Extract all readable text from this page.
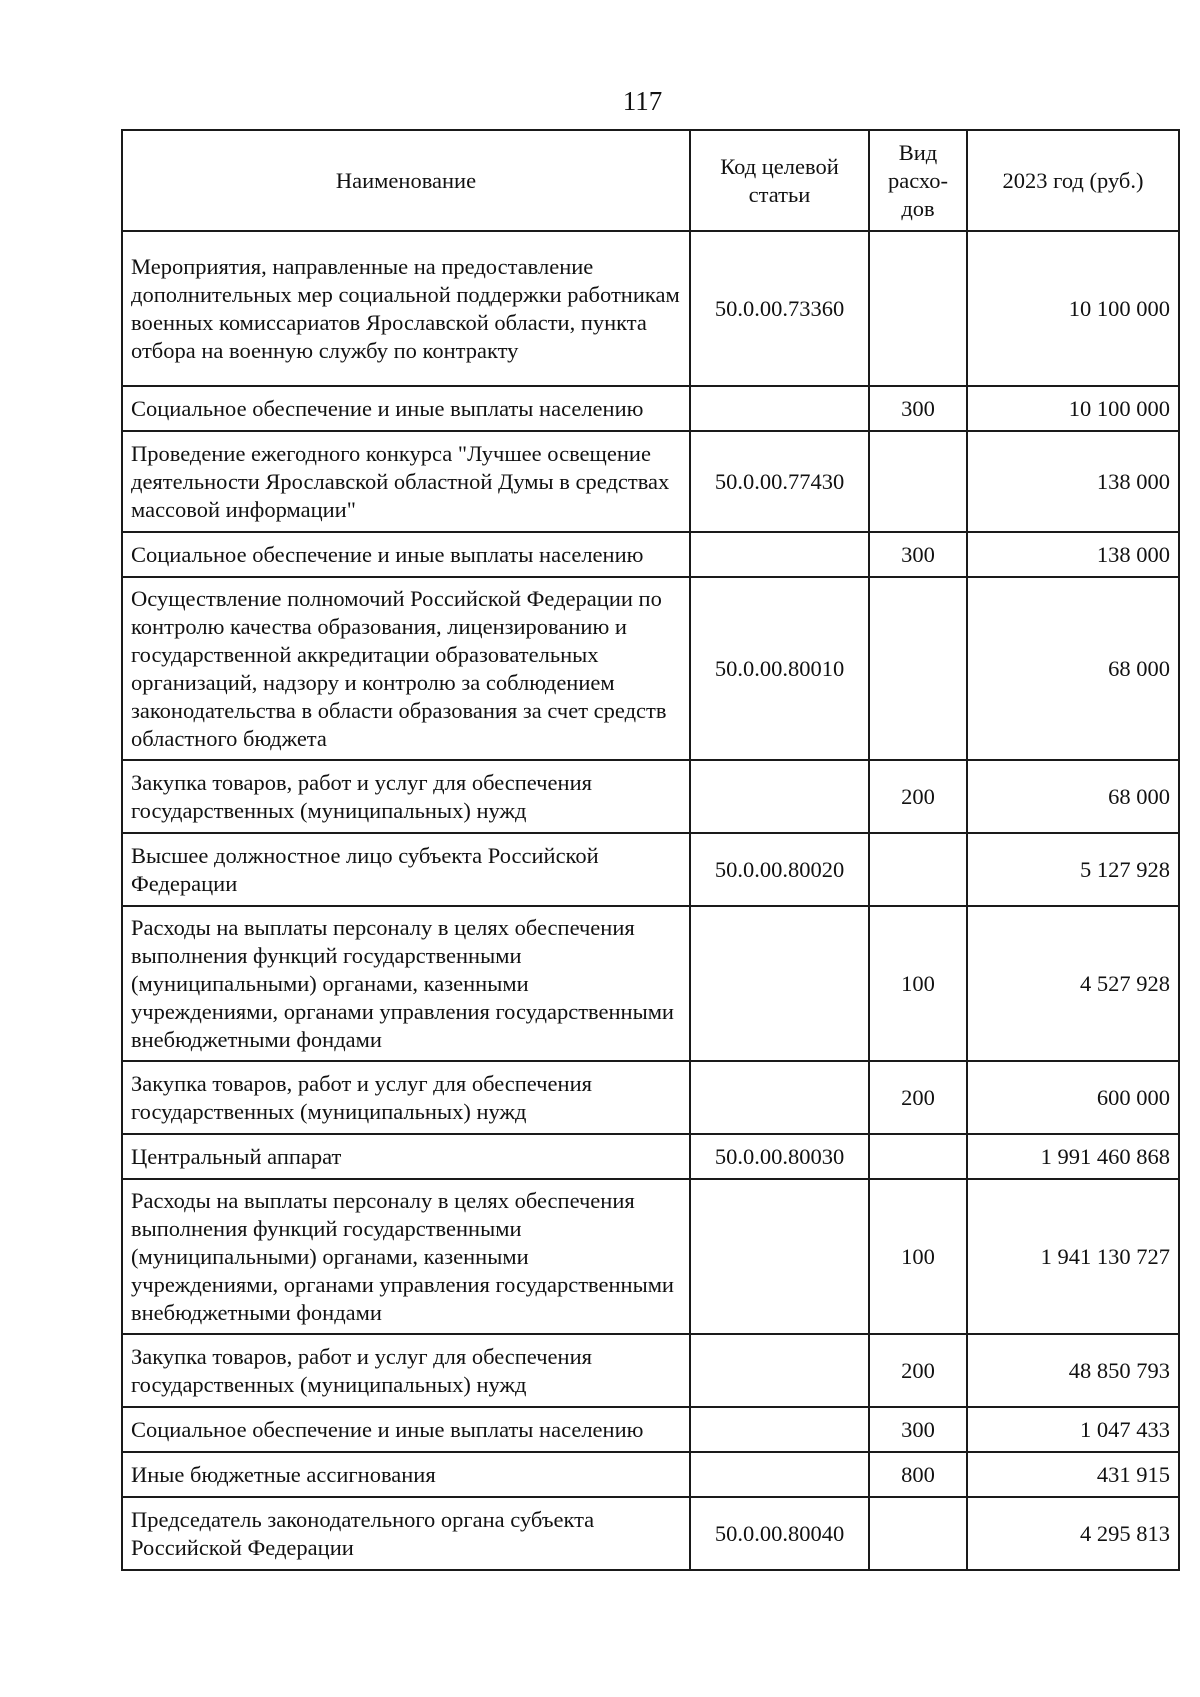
117
Наименование	Код целевой статьи	Вид расхо-дов	2023 год (руб.)
Мероприятия, направленные на предоставление дополнительных мер социальной поддержки работникам военных комиссариатов Ярославской области, пункта отбора на военную службу по контракту	50.0.00.73360		10 100 000
Социальное обеспечение и иные выплаты населению		300	10 100 000
Проведение ежегодного конкурса "Лучшее освещение деятельности Ярославской областной Думы в средствах массовой информации"	50.0.00.77430		138 000
Социальное обеспечение и иные выплаты населению		300	138 000
Осуществление полномочий Российской Федерации по контролю качества образования, лицензированию и государственной аккредитации образовательных организаций, надзору и контролю за соблюдением законодательства в области образования за счет средств областного бюджета	50.0.00.80010		68 000
Закупка товаров, работ и услуг для обеспечения государственных (муниципальных) нужд		200	68 000
Высшее должностное лицо субъекта Российской Федерации	50.0.00.80020		5 127 928
Расходы на выплаты персоналу в целях обеспечения выполнения функций государственными (муниципальными) органами, казенными учреждениями, органами управления государственными внебюджетными фондами		100	4 527 928
Закупка товаров, работ и услуг для обеспечения государственных (муниципальных) нужд		200	600 000
Центральный аппарат	50.0.00.80030		1 991 460 868
Расходы на выплаты персоналу в целях обеспечения выполнения функций государственными (муниципальными) органами, казенными учреждениями, органами управления государственными внебюджетными фондами		100	1 941 130 727
Закупка товаров, работ и услуг для обеспечения государственных (муниципальных) нужд		200	48 850 793
Социальное обеспечение и иные выплаты населению		300	1 047 433
Иные бюджетные ассигнования		800	431 915
Председатель законодательного органа субъекта Российской Федерации	50.0.00.80040		4 295 813
